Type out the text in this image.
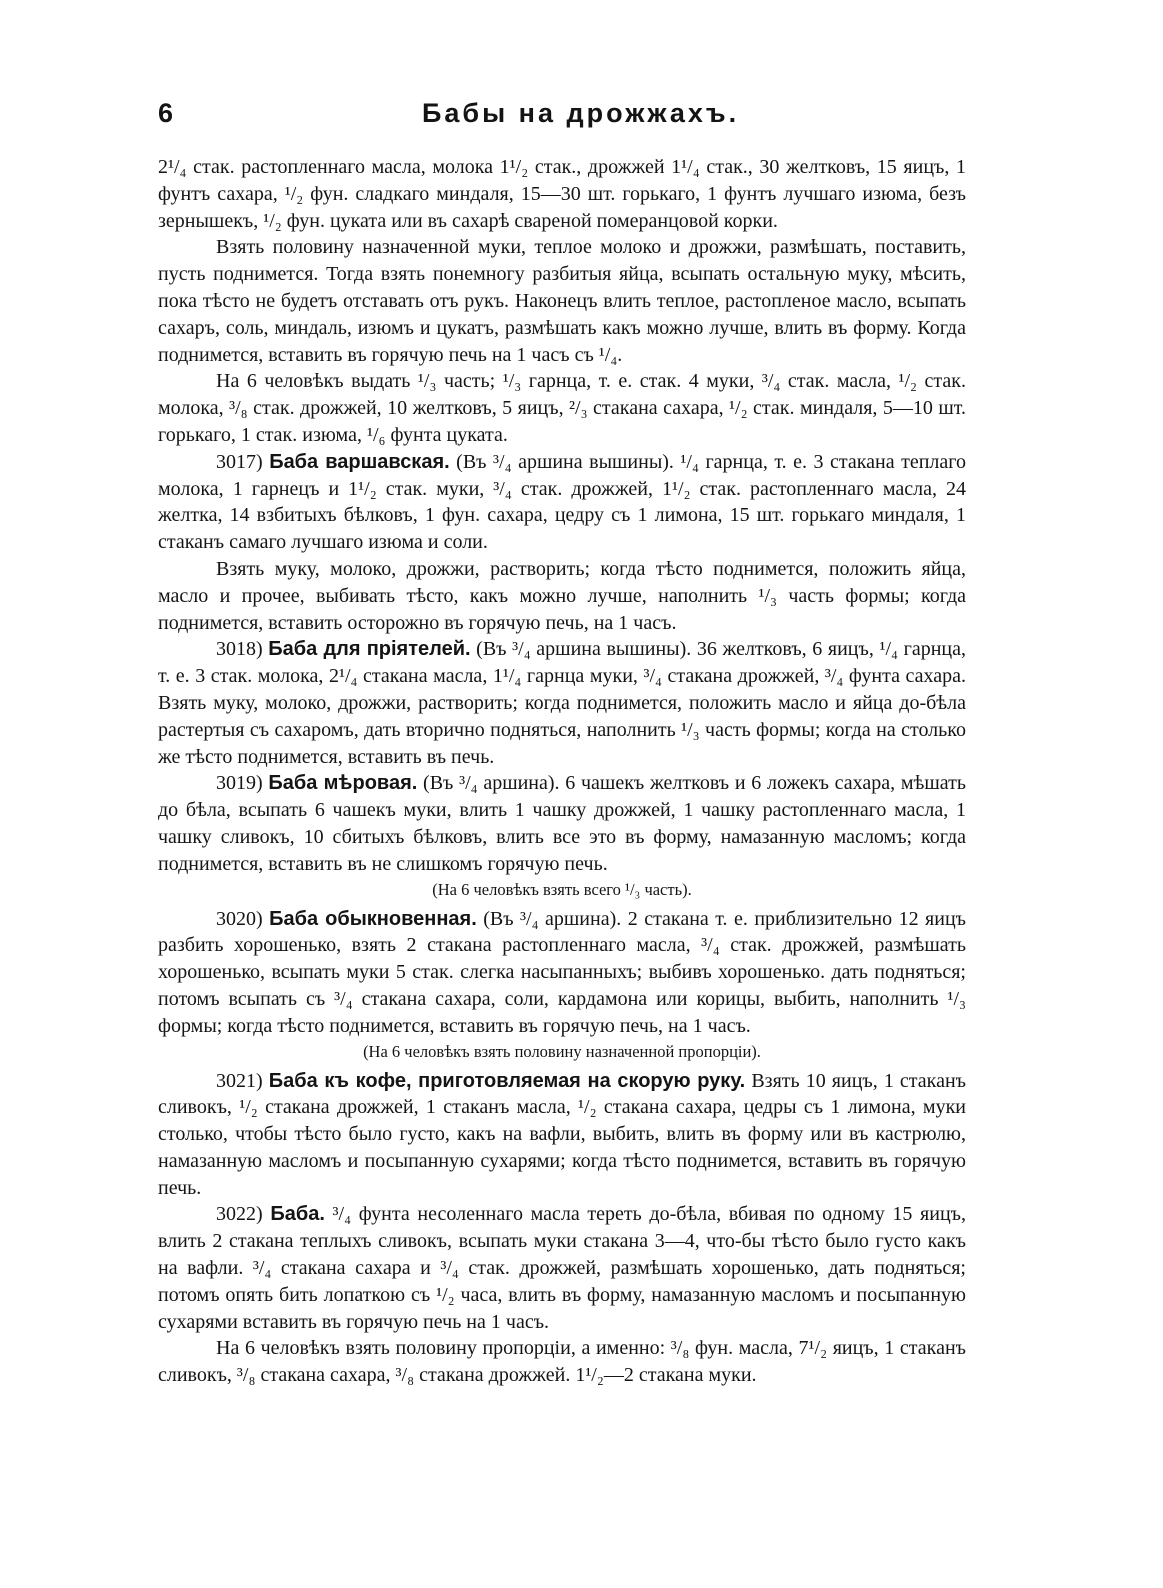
6	Бабы на дрожжахъ.

2¹/₄ стак. растопленнаго масла, молока 1¹/₂ стак., дрожжей 1¹/₄ стак., 30 желтковъ, 15 яицъ, 1 фунтъ сахара, ¹/₂ фун. сладкаго миндаля, 15—30 шт. горькаго, 1 фунтъ лучшаго изюма, безъ зернышекъ, ¹/₂ фун. цуката или въ сахарѣ свареной померанцовой корки.

Взять половину назначенной муки, теплое молоко и дрожжи, размѣшать, поставить, пусть поднимется. Тогда взять понемногу разбитыя яйца, всыпать остальную муку, мѣсить, пока тѣсто не будетъ отставать отъ рукъ. Наконецъ влить теплое, растопленое масло, всыпать сахаръ, соль, миндаль, изюмъ и цукатъ, размѣшать какъ можно лучше, влить въ форму. Когда поднимется, вставить въ горячую печь на 1 часъ съ ¹/₄.

На 6 человѣкъ выдать ¹/₃ часть; ¹/₃ гарнца, т. е. стак. 4 муки, ³/₄ стак. масла, ¹/₂ стак. молока, ³/₈ стак. дрожжей, 10 желтковъ, 5 яицъ, ²/₃ стакана сахара, ¹/₂ стак. миндаля, 5—10 шт. горькаго, 1 стак. изюма, ¹/₆ фунта цуката.

3017) Баба варшавская. (Въ ³/₄ аршина вышины). ¹/₄ гарнца, т. е. 3 стакана теплаго молока, 1 гарнецъ и 1¹/₂ стак. муки, ³/₄ стак. дрожжей, 1¹/₂ стак. растопленнаго масла, 24 желтка, 14 взбитыхъ бѣлковъ, 1 фун. сахара, цедру съ 1 лимона, 15 шт. горькаго миндаля, 1 стаканъ самаго лучшаго изюма и соли.

Взять муку, молоко, дрожжи, растворить; когда тѣсто поднимется, положить яйца, масло и прочее, выбивать тѣсто, какъ можно лучше, наполнить ¹/₃ часть формы; когда поднимется, вставить осторожно въ горячую печь, на 1 часъ.

3018) Баба для пріятелей. (Въ ³/₄ аршина вышины). 36 желтковъ, 6 яицъ, ¹/₄ гарнца, т. е. 3 стак. молока, 2¹/₄ стакана масла, 1¹/₄ гарнца муки, ³/₄ стакана дрожжей, ³/₄ фунта сахара. Взять муку, молоко, дрожжи, растворить; когда поднимется, положить масло и яйца до-бѣла растертыя съ сахаромъ, дать вторично подняться, наполнить ¹/₃ часть формы; когда на столько же тѣсто поднимется, вставить въ печь.

3019) Баба мѣровая. (Въ ³/₄ аршина). 6 чашекъ желтковъ и 6 ложекъ сахара, мѣшать до бѣла, всыпать 6 чашекъ муки, влить 1 чашку дрожжей, 1 чашку растопленнаго масла, 1 чашку сливокъ, 10 сбитыхъ бѣлковъ, влить все это въ форму, намазанную масломъ; когда поднимется, вставить въ не слишкомъ горячую печь.

(На 6 человѣкъ взять всего ¹/₃ часть).

3020) Баба обыкновенная. (Въ ³/₄ аршина). 2 стакана т. е. приблизительно 12 яицъ разбить хорошенько, взять 2 стакана растопленнаго масла, ³/₄ стак. дрожжей, размѣшать хорошенько, всыпать муки 5 стак. слегка насыпанныхъ; выбивъ хорошенько. дать подняться; потомъ всыпать съ ³/₄ стакана сахара, соли, кардамона или корицы, выбить, наполнить ¹/₃ формы; когда тѣсто поднимется, вставить въ горячую печь, на 1 часъ.

(На 6 человѣкъ взять половину назначенной пропорціи).

3021) Баба къ кофе, приготовляемая на скорую руку. Взять 10 яицъ, 1 стаканъ сливокъ, ¹/₂ стакана дрожжей, 1 стаканъ масла, ¹/₂ стакана сахара, цедры съ 1 лимона, муки столько, чтобы тѣсто было густо, какъ на вафли, выбить, влить въ форму или въ кастрюлю, намазанную масломъ и посыпанную сухарями; когда тѣсто поднимется, вставить въ горячую печь.

3022) Баба. ³/₄ фунта несоленнаго масла тереть до-бѣла, вбивая по одному 15 яицъ, влить 2 стакана теплыхъ сливокъ, всыпать муки стакана 3—4, что-бы тѣсто было густо какъ на вафли. ³/₄ стакана сахара и ³/₄ стак. дрожжей, размѣшать хорошенько, дать подняться; потомъ опять бить лопаткою съ ¹/₂ часа, влить въ форму, намазанную масломъ и посыпанную сухарями вставить въ горячую печь на 1 часъ.

На 6 человѣкъ взять половину пропорціи, а именно: ³/₈ фун. масла, 7¹/₂ яицъ, 1 стаканъ сливокъ, ³/₈ стакана сахара, ³/₈ стакана дрожжей. 1¹/₂—2 стакана муки.
